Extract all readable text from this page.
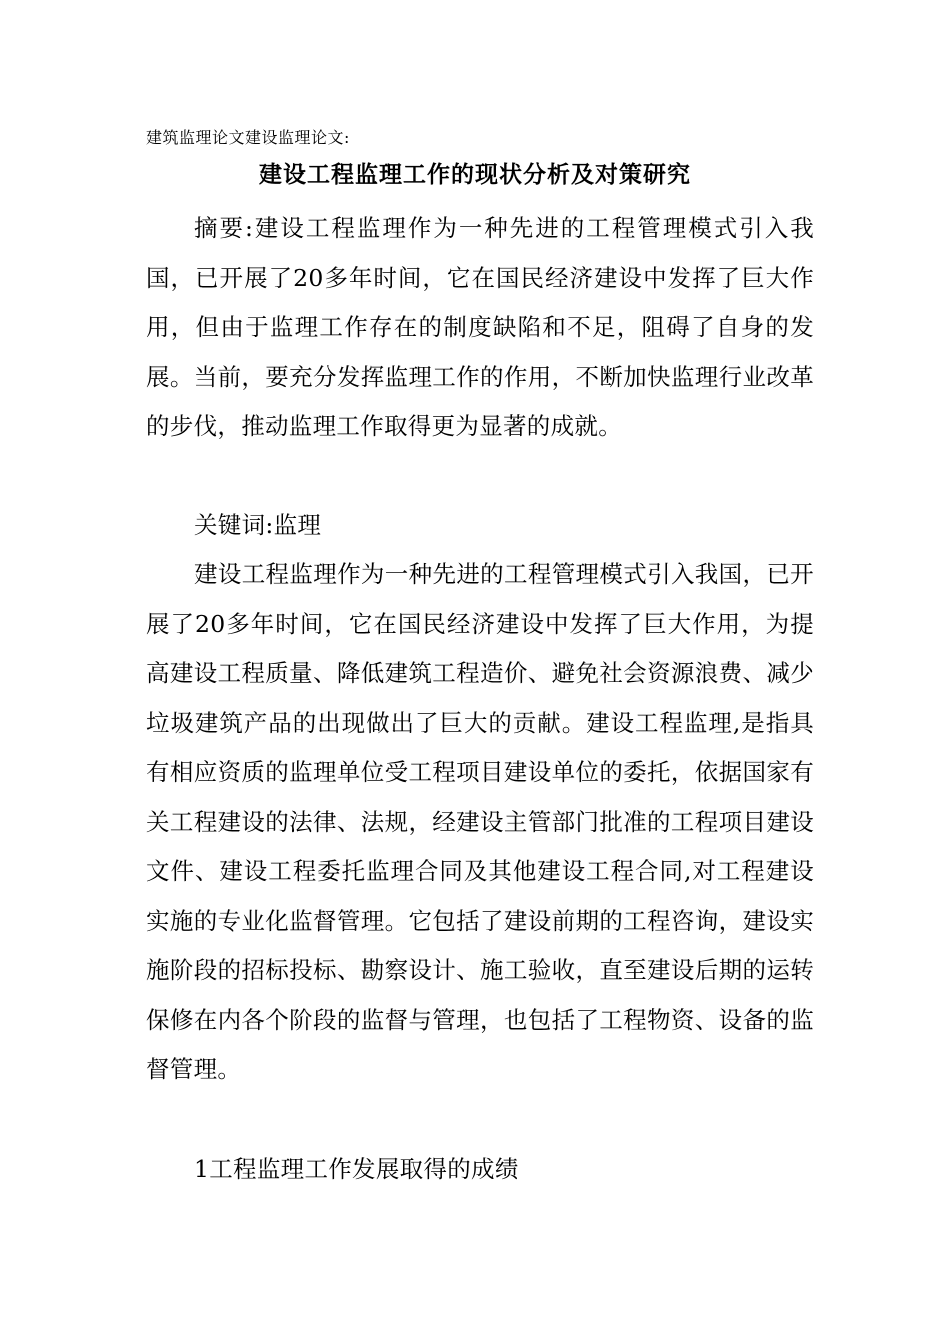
建筑监理论文建设监理论文:
建设工程监理工作的现状分析及对策研究

摘要:建设工程监理作为一种先进的工程管理模式引入我国，已开展了20多年时间，它在国民经济建设中发挥了巨大作用，但由于监理工作存在的制度缺陷和不足，阻碍了自身的发展。当前，要充分发挥监理工作的作用，不断加快监理行业改革的步伐，推动监理工作取得更为显著的成就。

关键词:监理

建设工程监理作为一种先进的工程管理模式引入我国，已开展了20多年时间，它在国民经济建设中发挥了巨大作用，为提高建设工程质量、降低建筑工程造价、避免社会资源浪费、减少垃圾建筑产品的出现做出了巨大的贡献。建设工程监理,是指具有相应资质的监理单位受工程项目建设单位的委托，依据国家有关工程建设的法律、法规，经建设主管部门批准的工程项目建设文件、建设工程委托监理合同及其他建设工程合同,对工程建设实施的专业化监督管理。它包括了建设前期的工程咨询，建设实施阶段的招标投标、勘察设计、施工验收，直至建设后期的运转保修在内各个阶段的监督与管理，也包括了工程物资、设备的监督管理。

1工程监理工作发展取得的成绩
